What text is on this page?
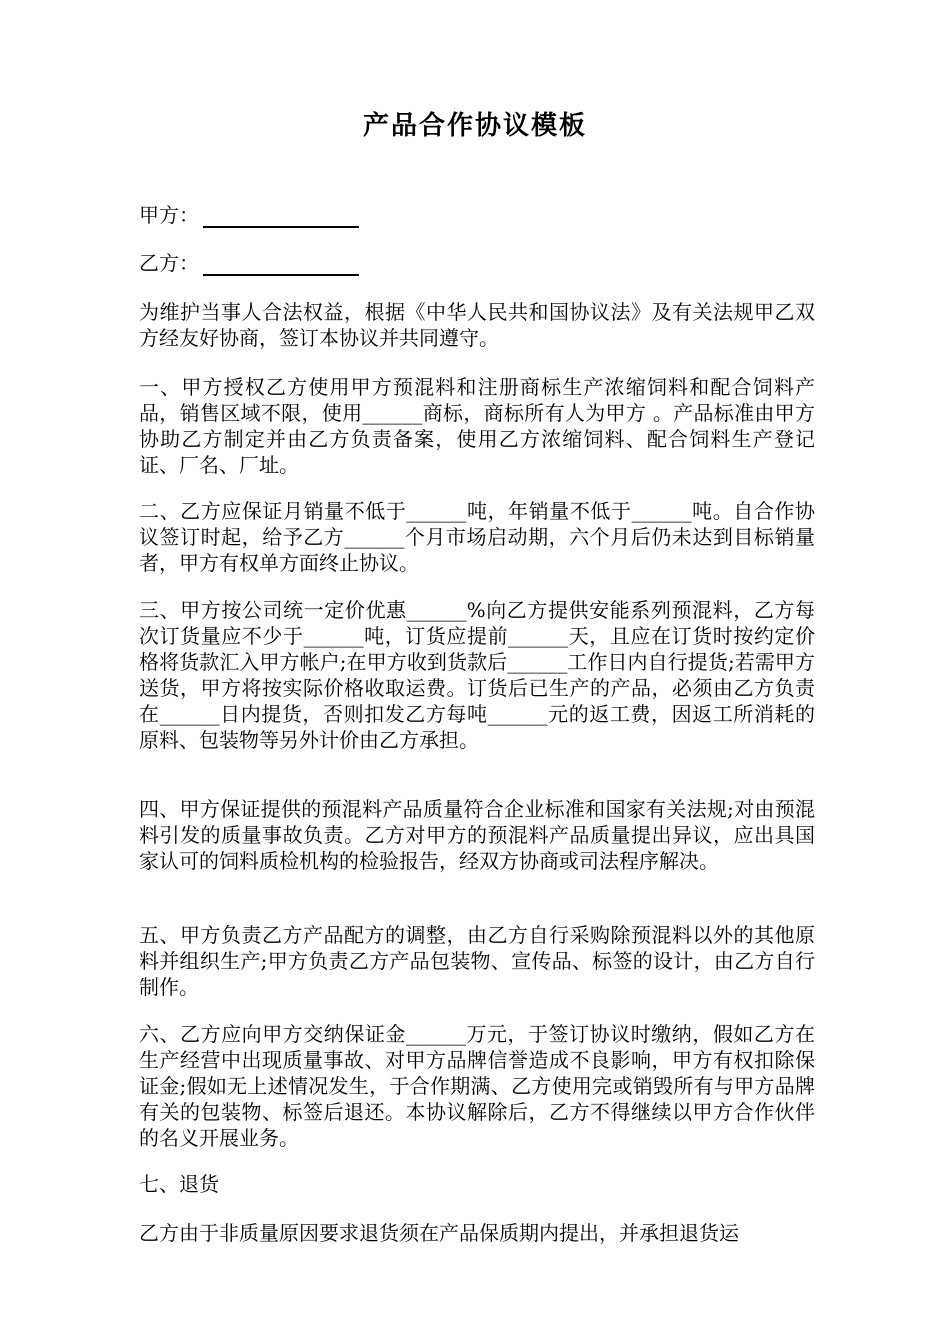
产品合作协议模板
甲方：
乙方：
为维护当事人合法权益，根据《中华人民共和国协议法》及有关法规甲乙双方经友好协商，签订本协议并共同遵守。
一、甲方授权乙方使用甲方预混料和注册商标生产浓缩饲料和配合饲料产品，销售区域不限，使用______商标，商标所有人为甲方 。产品标准由甲方协助乙方制定并由乙方负责备案，使用乙方浓缩饲料、配合饲料生产登记证、厂名、厂址。
二、乙方应保证月销量不低于______吨，年销量不低于______吨。自合作协议签订时起，给予乙方______个月市场启动期，六个月后仍未达到目标销量者，甲方有权单方面终止协议。
三、甲方按公司统一定价优惠______%向乙方提供安能系列预混料，乙方每次订货量应不少于______吨，订货应提前______天，且应在订货时按约定价格将货款汇入甲方帐户;在甲方收到货款后______工作日内自行提货;若需甲方送货，甲方将按实际价格收取运费。订货后已生产的产品，必须由乙方负责在______日内提货，否则扣发乙方每吨______元的返工费，因返工所消耗的原料、包装物等另外计价由乙方承担。
四、甲方保证提供的预混料产品质量符合企业标准和国家有关法规;对由预混料引发的质量事故负责。乙方对甲方的预混料产品质量提出异议，应出具国家认可的饲料质检机构的检验报告，经双方协商或司法程序解决。
五、甲方负责乙方产品配方的调整，由乙方自行采购除预混料以外的其他原料并组织生产;甲方负责乙方产品包装物、宣传品、标签的设计，由乙方自行制作。
六、乙方应向甲方交纳保证金______万元，于签订协议时缴纳，假如乙方在生产经营中出现质量事故、对甲方品牌信誉造成不良影响，甲方有权扣除保证金;假如无上述情况发生，于合作期满、乙方使用完或销毁所有与甲方品牌有关的包装物、标签后退还。本协议解除后，乙方不得继续以甲方合作伙伴的名义开展业务。
七、退货
乙方由于非质量原因要求退货须在产品保质期内提出，并承担退货运
